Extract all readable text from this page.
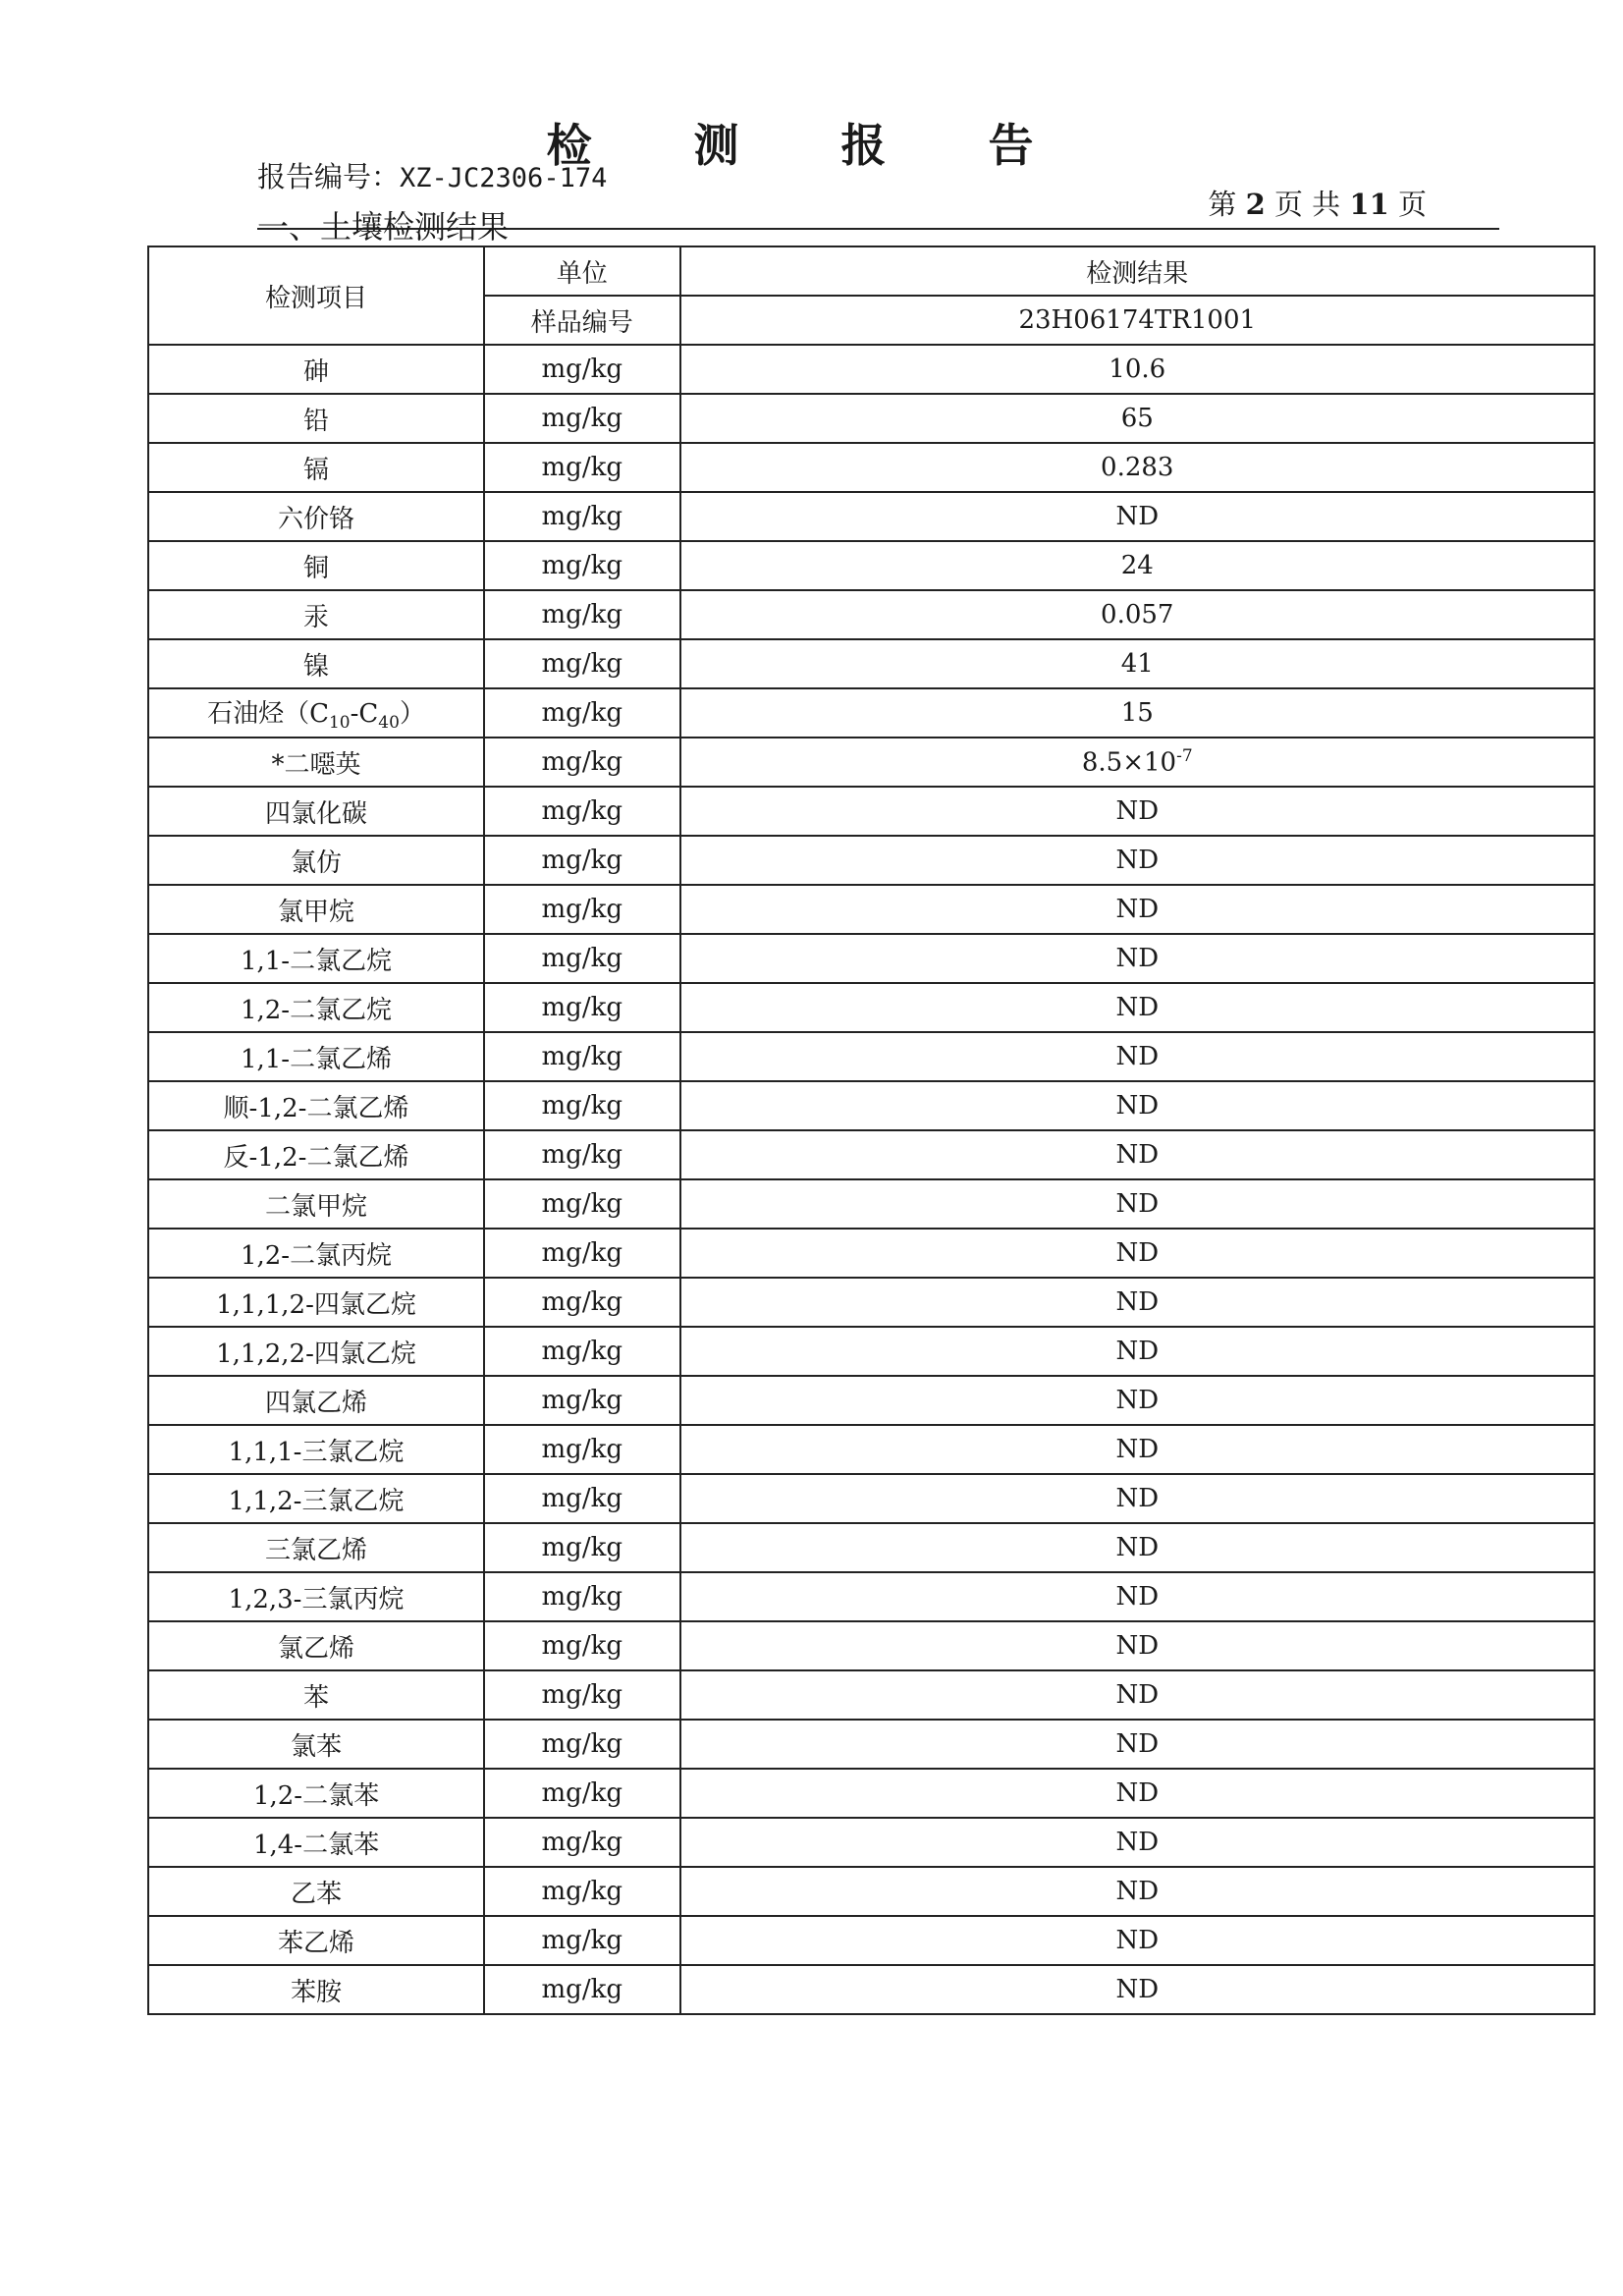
检 测 报 告
报告编号：XZ-JC2306-174
第 2 页 共 11 页
一、土壤检测结果
检测项目	单位	检测结果
	样品编号	23H06174TR1001
砷	mg/kg	10.6
铅	mg/kg	65
镉	mg/kg	0.283
六价铬	mg/kg	ND
铜	mg/kg	24
汞	mg/kg	0.057
镍	mg/kg	41
石油烃$(C_{10}-C_{40})$	mg/kg	15
*二噁英	mg/kg	$8.5\times 10^{-7}$
四氯化碳	mg/kg	ND
氯仿	mg/kg	ND
氯甲烷	mg/kg	ND
1,1-二氯乙烷	mg/kg	ND
1,2-二氯乙烷	mg/kg	ND
1,1-二氯乙烯	mg/kg	ND
顺-1,2-二氯乙烯	mg/kg	ND
反-1,2-二氯乙烯	mg/kg	ND
二氯甲烷	mg/kg	ND
1,2-二氯丙烷	mg/kg	ND
1,1,1,2-四氯乙烷	mg/kg	ND
1,1,2,2-四氯乙烷	mg/kg	ND
四氯乙烯	mg/kg	ND
1,1,1-三氯乙烷	mg/kg	ND
1,1,2-三氯乙烷	mg/kg	ND
三氯乙烯	mg/kg	ND
1,2,3-三氯丙烷	mg/kg	ND
氯乙烯	mg/kg	ND
苯	mg/kg	ND
氯苯	mg/kg	ND
1,2-二氯苯	mg/kg	ND
1,4-二氯苯	mg/kg	ND
乙苯	mg/kg	ND
苯乙烯	mg/kg	ND
苯胺	mg/kg	ND
